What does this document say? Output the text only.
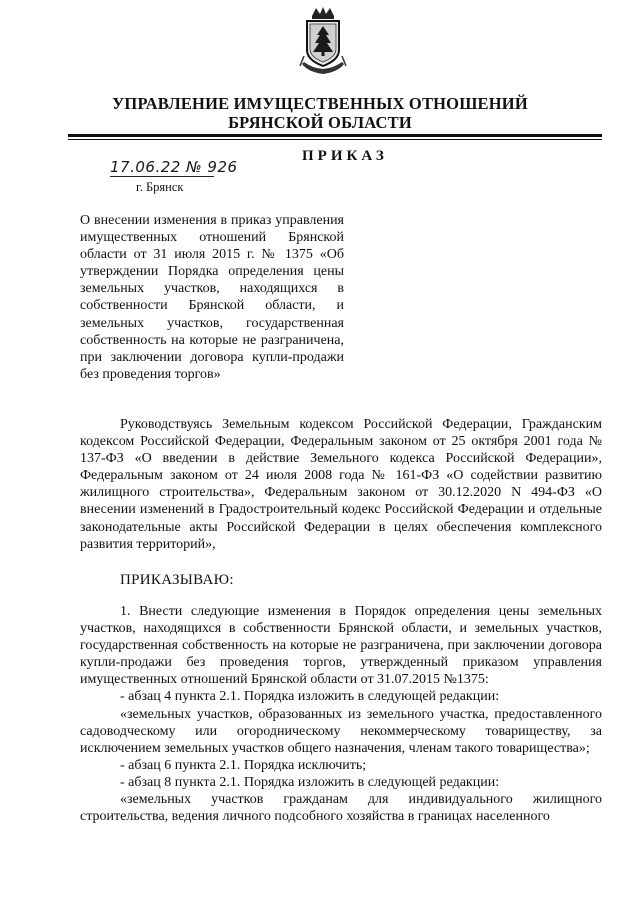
УПРАВЛЕНИЕ ИМУЩЕСТВЕННЫХ ОТНОШЕНИЙ
БРЯНСКОЙ ОБЛАСТИ
ПРИКАЗ
17.06.22 № 926
г. Брянск
О внесении изменения в приказ управления имущественных отношений Брянской области от 31 июля 2015 г. № 1375 «Об утверждении Порядка определения цены земельных участков, находящихся в собственности Брянской области, и земельных участков, государственная собственность на которые не разграничена, при заключении договора купли-продажи без проведения торгов»

Руководствуясь Земельным кодексом Российской Федерации, Гражданским кодексом Российской Федерации, Федеральным законом от 25 октября 2001 года № 137-ФЗ «О введении в действие Земельного кодекса Российской Федерации», Федеральным законом от 24 июля 2008 года № 161-ФЗ «О содействии развитию жилищного строительства», Федеральным законом от 30.12.2020 N 494-ФЗ «О внесении изменений в Градостроительный кодекс Российской Федерации и отдельные законодательные акты Российской Федерации в целях обеспечения комплексного развития территорий»,

ПРИКАЗЫВАЮ:

1. Внести следующие изменения в Порядок определения цены земельных участков, находящихся в собственности Брянской области, и земельных участков, государственная собственность на которые не разграничена, при заключении договора купли-продажи без проведения торгов, утвержденный приказом управления имущественных отношений Брянской области от 31.07.2015 №1375:

- абзац 4 пункта 2.1. Порядка изложить в следующей редакции:

«земельных участков, образованных из земельного участка, предоставленного садоводческому или огородническому некоммерческому товариществу, за исключением земельных участков общего назначения, членам такого товарищества»;

- абзац 6 пункта 2.1. Порядка исключить;

- абзац 8 пункта 2.1. Порядка изложить в следующей редакции:

«земельных участков гражданам для индивидуального жилищного строительства, ведения личного подсобного хозяйства в границах населенного
